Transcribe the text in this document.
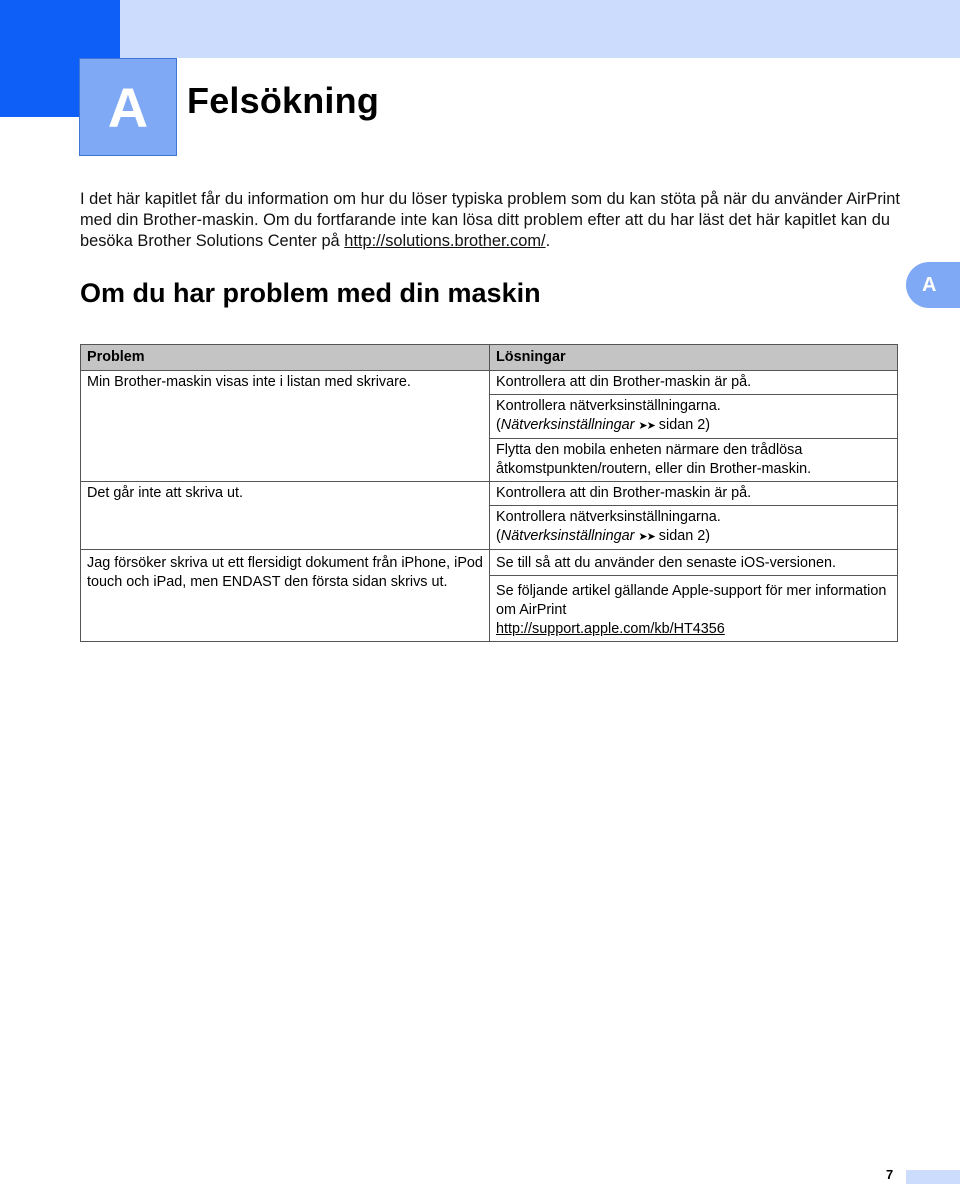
A Felsökning

I det här kapitlet får du information om hur du löser typiska problem som du kan stöta på när du använder AirPrint med din Brother-maskin. Om du fortfarande inte kan lösa ditt problem efter att du har läst det här kapitlet kan du besöka Brother Solutions Center på http://solutions.brother.com/.

Om du har problem med din maskin	A
Problem	Lösningar
Min Brother-maskin visas inte i listan med skrivare.	Kontrollera att din Brother-maskin är på.
	Kontrollera nätverksinställningarna.
(Nätverksinställningar ➤➤ sidan 2)
	Flytta den mobila enheten närmare den trådlösa åtkomstpunkten/routern, eller din Brother-maskin.
Det går inte att skriva ut.	Kontrollera att din Brother-maskin är på.
	Kontrollera nätverksinställningarna.
(Nätverksinställningar ➤➤ sidan 2)
Jag försöker skriva ut ett flersidigt dokument från iPhone, iPod touch och iPad, men ENDAST den första sidan skrivs ut.	Se till så att du använder den senaste iOS-versionen.
	Se följande artikel gällande Apple-support för mer information om AirPrint
http://support.apple.com/kb/HT4356
7
